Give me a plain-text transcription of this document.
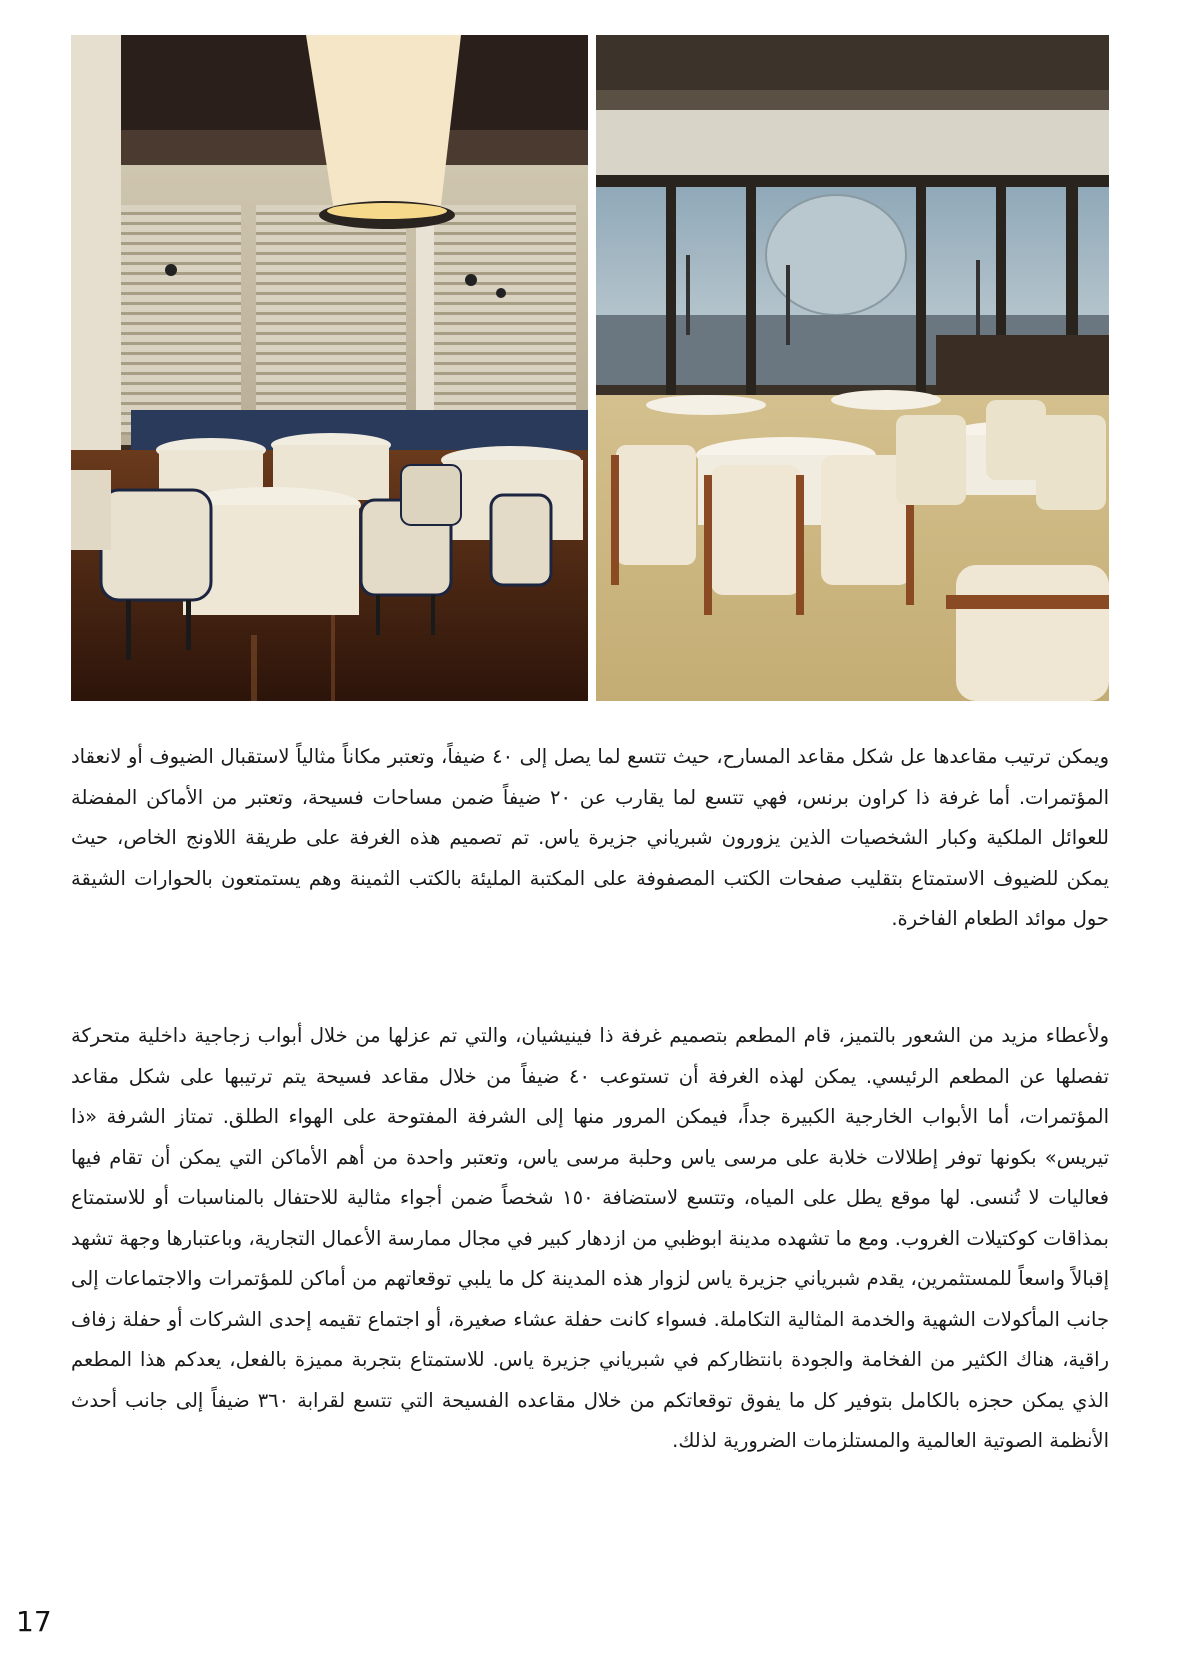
ويمكن ترتيب مقاعدها عل شكل مقاعد المسارح، حيث تتسع لما يصل إلى ٤٠ ضيفاً، وتعتبر مكاناً مثالياً لاستقبال الضيوف أو لانعقاد المؤتمرات. أما غرفة ذا كراون برنس، فهي تتسع لما يقارب عن ٢٠ ضيفاً ضمن مساحات فسيحة، وتعتبر من الأماكن المفضلة للعوائل الملكية وكبار الشخصيات الذين يزورون شبرياني جزيرة ياس. تم تصميم هذه الغرفة على طريقة اللاونج الخاص، حيث يمكن للضيوف الاستمتاع بتقليب صفحات الكتب المصفوفة على المكتبة المليئة بالكتب الثمينة وهم يستمتعون بالحوارات الشيقة حول موائد الطعام الفاخرة.

ولأعطاء مزيد من الشعور بالتميز، قام المطعم بتصميم غرفة ذا فينيشيان، والتي تم عزلها من خلال أبواب زجاجية داخلية متحركة تفصلها عن المطعم الرئيسي. يمكن لهذه الغرفة أن تستوعب ٤٠ ضيفاً من خلال مقاعد فسيحة يتم ترتيبها على شكل مقاعد المؤتمرات، أما الأبواب الخارجية الكبيرة جداً، فيمكن المرور منها إلى الشرفة المفتوحة على الهواء الطلق. تمتاز الشرفة «ذا تيريس» بكونها توفر إطلالات خلابة على مرسى ياس وحلبة مرسى ياس، وتعتبر واحدة من أهم الأماكن التي يمكن أن تقام فيها فعاليات لا تُنسى. لها موقع يطل على المياه، وتتسع لاستضافة ١٥٠ شخصاً ضمن أجواء مثالية للاحتفال بالمناسبات أو للاستمتاع بمذاقات كوكتيلات الغروب. ومع ما تشهده مدينة ابوظبي من ازدهار كبير في مجال ممارسة الأعمال التجارية، وباعتبارها وجهة تشهد إقبالاً واسعاً للمستثمرين، يقدم شبرياني جزيرة ياس لزوار هذه المدينة كل ما يلبي توقعاتهم من أماكن للمؤتمرات والاجتماعات إلى جانب المأكولات الشهية والخدمة المثالية التكاملة. فسواء كانت حفلة عشاء صغيرة، أو اجتماع تقيمه إحدى الشركات أو حفلة زفاف راقية، هناك الكثير من الفخامة والجودة بانتظاركم في شبرياني جزيرة ياس. للاستمتاع بتجربة مميزة بالفعل، يعدكم هذا المطعم الذي يمكن حجزه بالكامل بتوفير كل ما يفوق توقعاتكم من خلال مقاعده الفسيحة التي تتسع لقرابة ٣٦٠ ضيفاً إلى جانب أحدث الأنظمة الصوتية العالمية والمستلزمات الضرورية لذلك.

17
